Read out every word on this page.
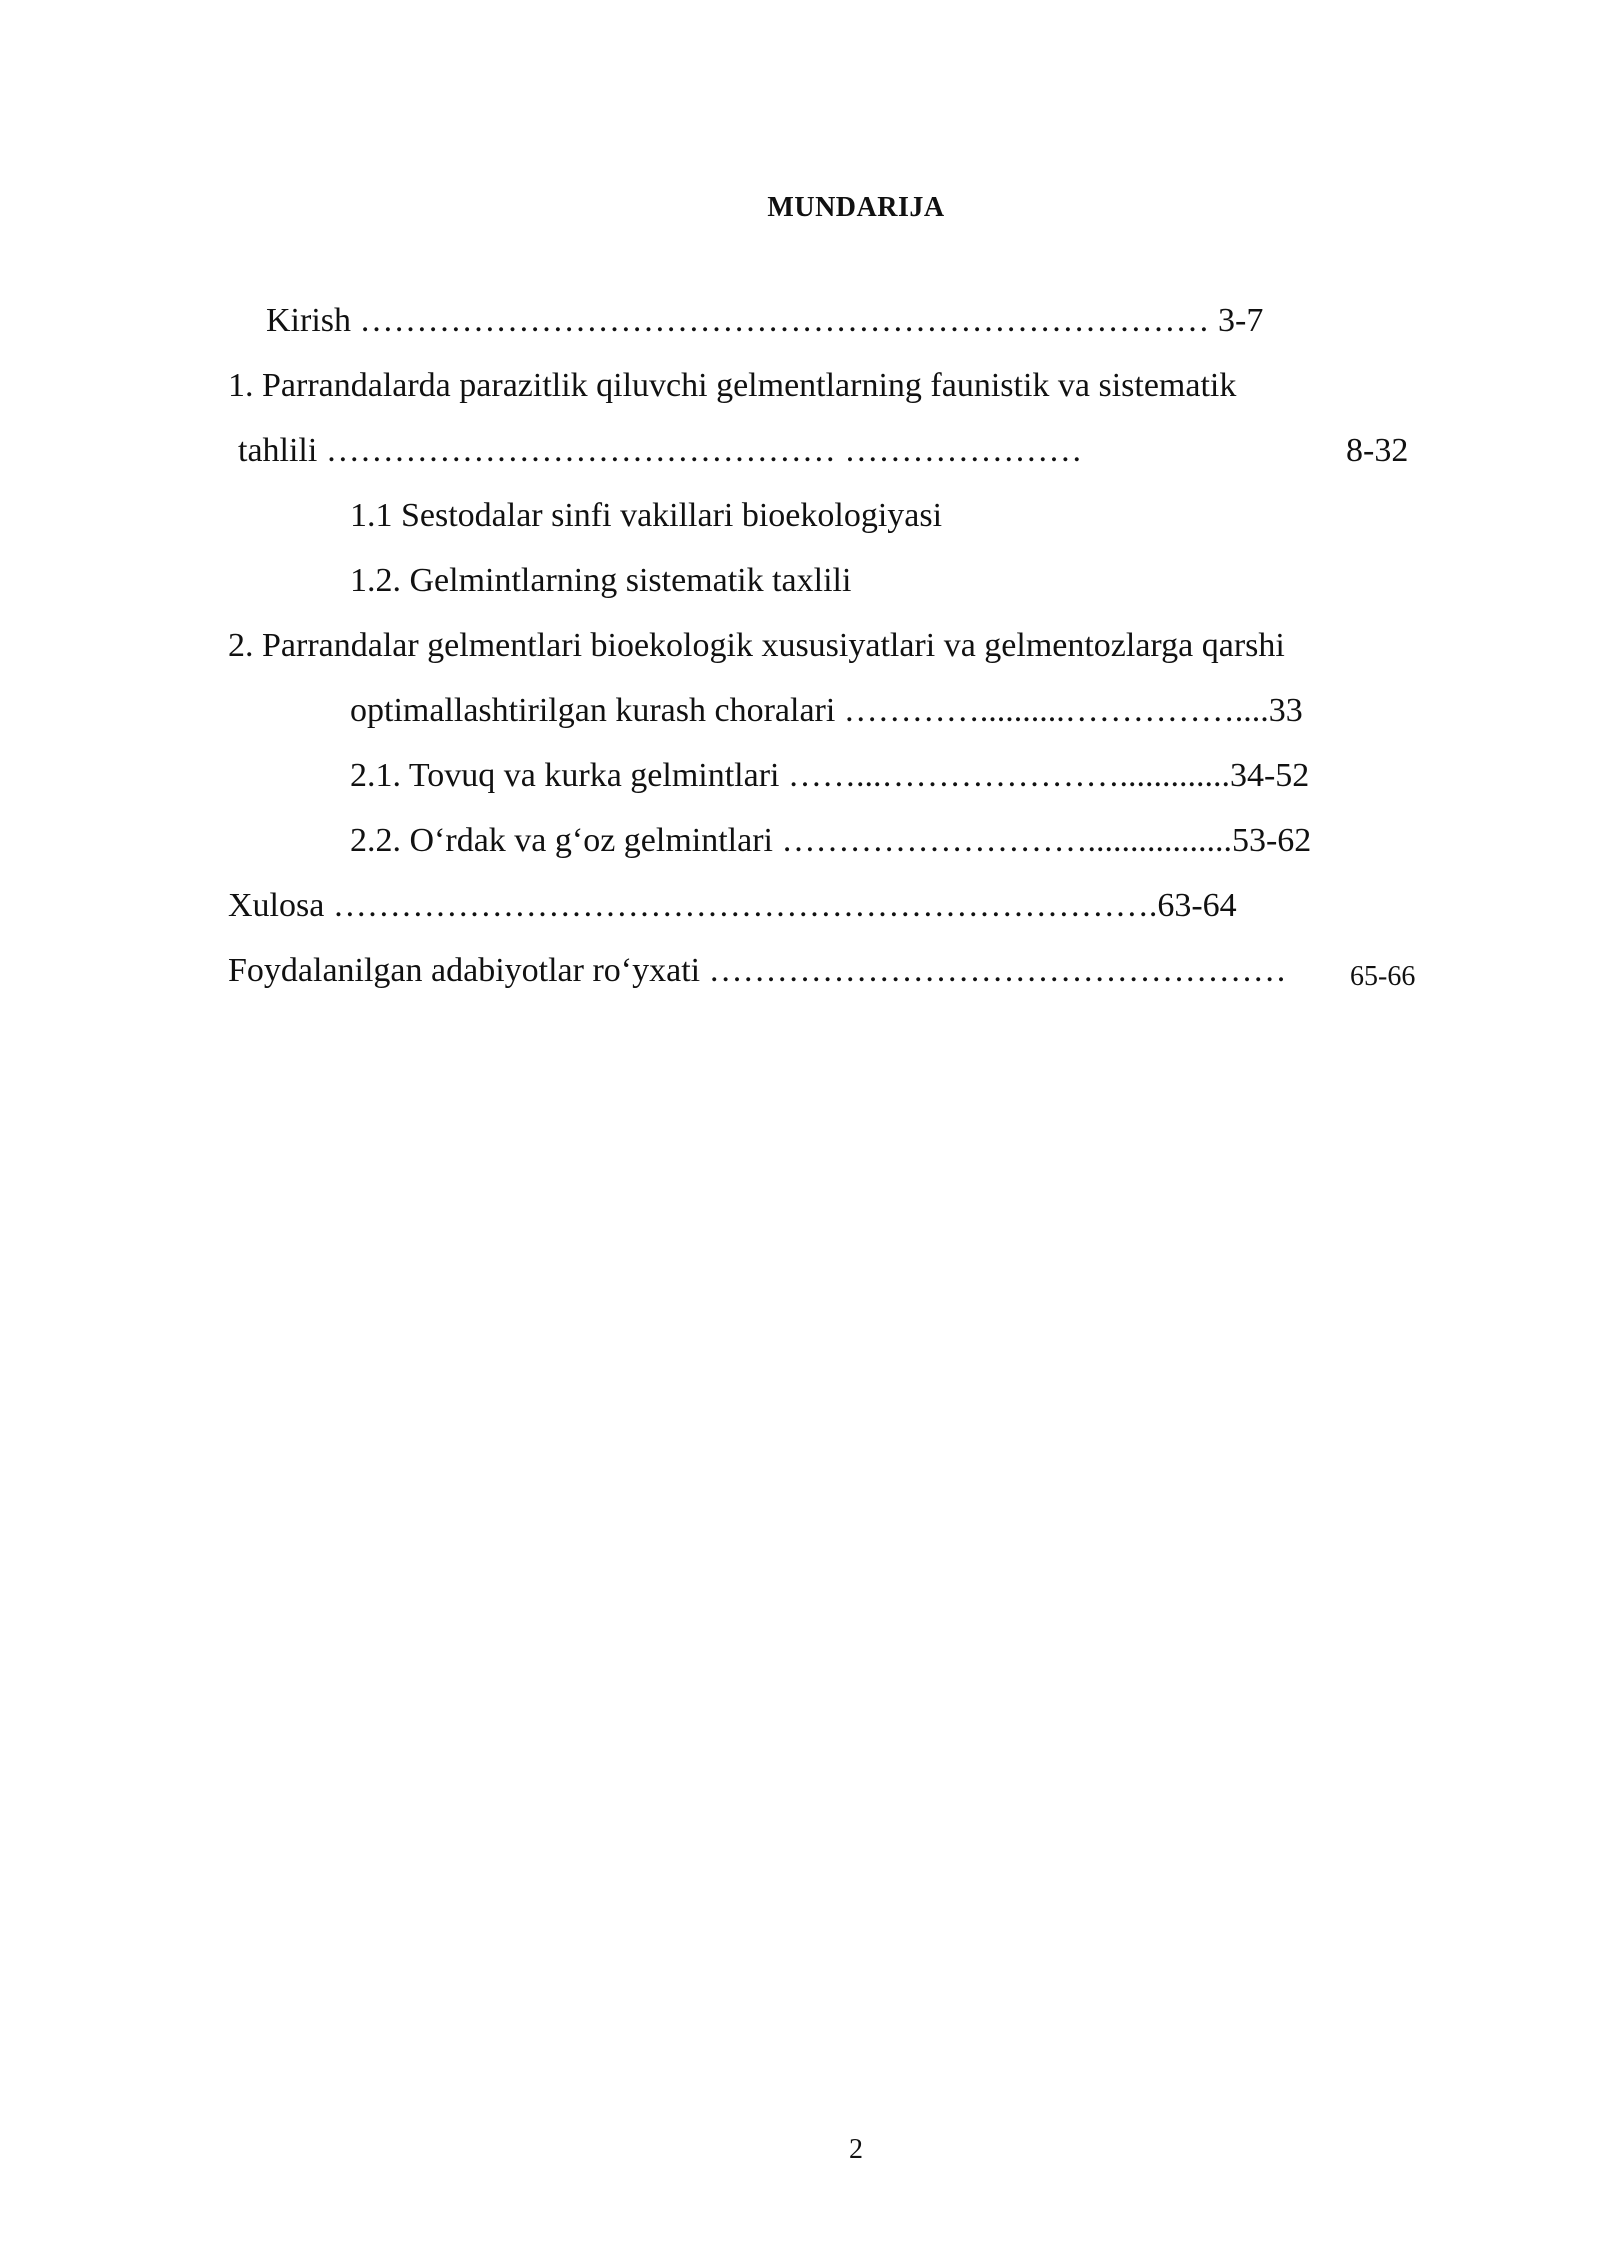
MUNDARIJA
Kirish ………………………………………………………………… 3-7
1. Parrandalarda parazitlik qiluvchi gelmentlarning faunistik va sistematik
tahlili ……………………………………… …………………	8-32
1.1 Sestodalar sinfi vakillari bioekologiyasi
1.2. Gelmintlarning sistematik taxlili
2. Parrandalar gelmentlari bioekologik xususiyatlari va gelmentozlarga qarshi
optimallashtirilgan kurash choralari …………..........……………....33
2.1. Tovuq va kurka gelmintlari ……...………………….............34-52
2.2. O‘rdak va g‘oz gelmintlari ……………………….................53-62
Xulosa ……………………………………………………………….63-64
Foydalanilgan adabiyotlar ro‘yxati …………………………………………… 65-66
2
